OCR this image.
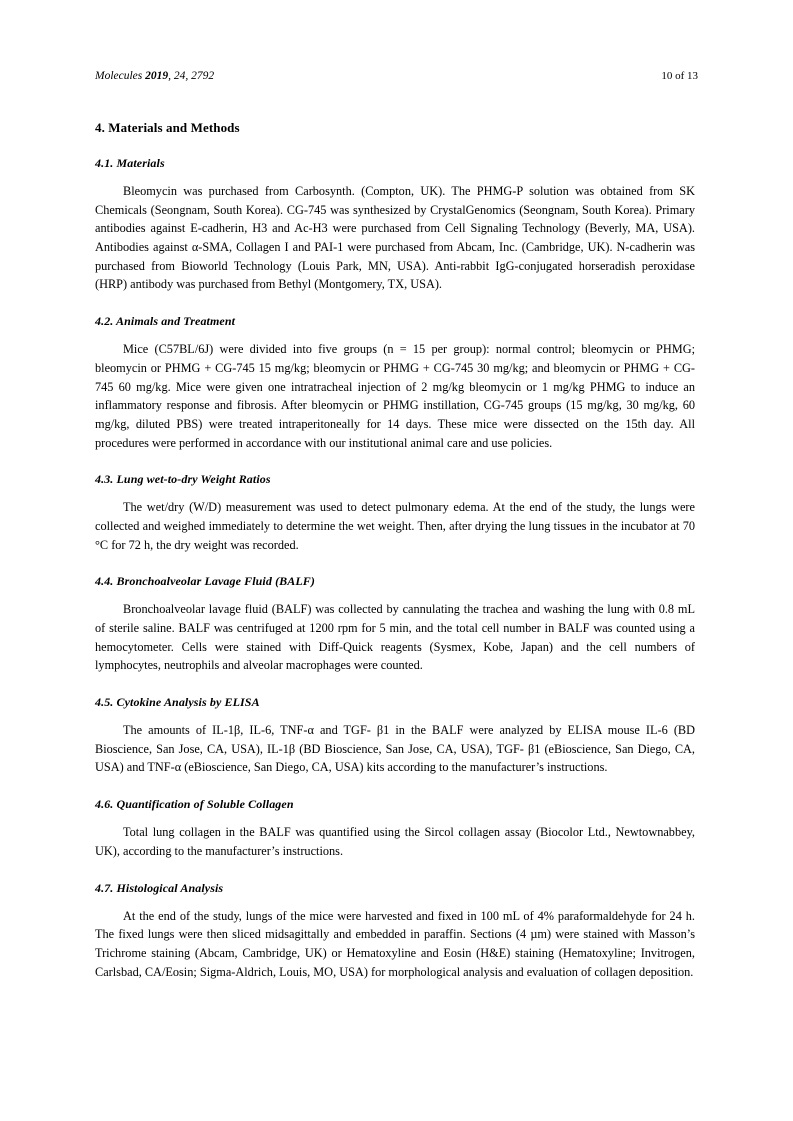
Molecules 2019, 24, 2792	10 of 13
4. Materials and Methods
4.1. Materials

Bleomycin was purchased from Carbosynth. (Compton, UK). The PHMG-P solution was obtained from SK Chemicals (Seongnam, South Korea). CG-745 was synthesized by CrystalGenomics (Seongnam, South Korea). Primary antibodies against E-cadherin, H3 and Ac-H3 were purchased from Cell Signaling Technology (Beverly, MA, USA). Antibodies against α-SMA, Collagen I and PAI-1 were purchased from Abcam, Inc. (Cambridge, UK). N-cadherin was purchased from Bioworld Technology (Louis Park, MN, USA). Anti-rabbit IgG-conjugated horseradish peroxidase (HRP) antibody was purchased from Bethyl (Montgomery, TX, USA).

4.2. Animals and Treatment

Mice (C57BL/6J) were divided into five groups (n = 15 per group): normal control; bleomycin or PHMG; bleomycin or PHMG + CG-745 15 mg/kg; bleomycin or PHMG + CG-745 30 mg/kg; and bleomycin or PHMG + CG-745 60 mg/kg. Mice were given one intratracheal injection of 2 mg/kg bleomycin or 1 mg/kg PHMG to induce an inflammatory response and fibrosis. After bleomycin or PHMG instillation, CG-745 groups (15 mg/kg, 30 mg/kg, 60 mg/kg, diluted PBS) were treated intraperitoneally for 14 days. These mice were dissected on the 15th day. All procedures were performed in accordance with our institutional animal care and use policies.

4.3. Lung wet-to-dry Weight Ratios

The wet/dry (W/D) measurement was used to detect pulmonary edema. At the end of the study, the lungs were collected and weighed immediately to determine the wet weight. Then, after drying the lung tissues in the incubator at 70 °C for 72 h, the dry weight was recorded.

4.4. Bronchoalveolar Lavage Fluid (BALF)

Bronchoalveolar lavage fluid (BALF) was collected by cannulating the trachea and washing the lung with 0.8 mL of sterile saline. BALF was centrifuged at 1200 rpm for 5 min, and the total cell number in BALF was counted using a hemocytometer. Cells were stained with Diff-Quick reagents (Sysmex, Kobe, Japan) and the cell numbers of lymphocytes, neutrophils and alveolar macrophages were counted.

4.5. Cytokine Analysis by ELISA

The amounts of IL-1β, IL-6, TNF-α and TGF- β1 in the BALF were analyzed by ELISA mouse IL-6 (BD Bioscience, San Jose, CA, USA), IL-1β (BD Bioscience, San Jose, CA, USA), TGF- β1 (eBioscience, San Diego, CA, USA) and TNF-α (eBioscience, San Diego, CA, USA) kits according to the manufacturer’s instructions.

4.6. Quantification of Soluble Collagen

Total lung collagen in the BALF was quantified using the Sircol collagen assay (Biocolor Ltd., Newtownabbey, UK), according to the manufacturer’s instructions.

4.7. Histological Analysis

At the end of the study, lungs of the mice were harvested and fixed in 100 mL of 4% paraformaldehyde for 24 h. The fixed lungs were then sliced midsagittally and embedded in paraffin. Sections (4 µm) were stained with Masson’s Trichrome staining (Abcam, Cambridge, UK) or Hematoxyline and Eosin (H&E) staining (Hematoxyline; Invitrogen, Carlsbad, CA/Eosin; Sigma-Aldrich, Louis, MO, USA) for morphological analysis and evaluation of collagen deposition.
